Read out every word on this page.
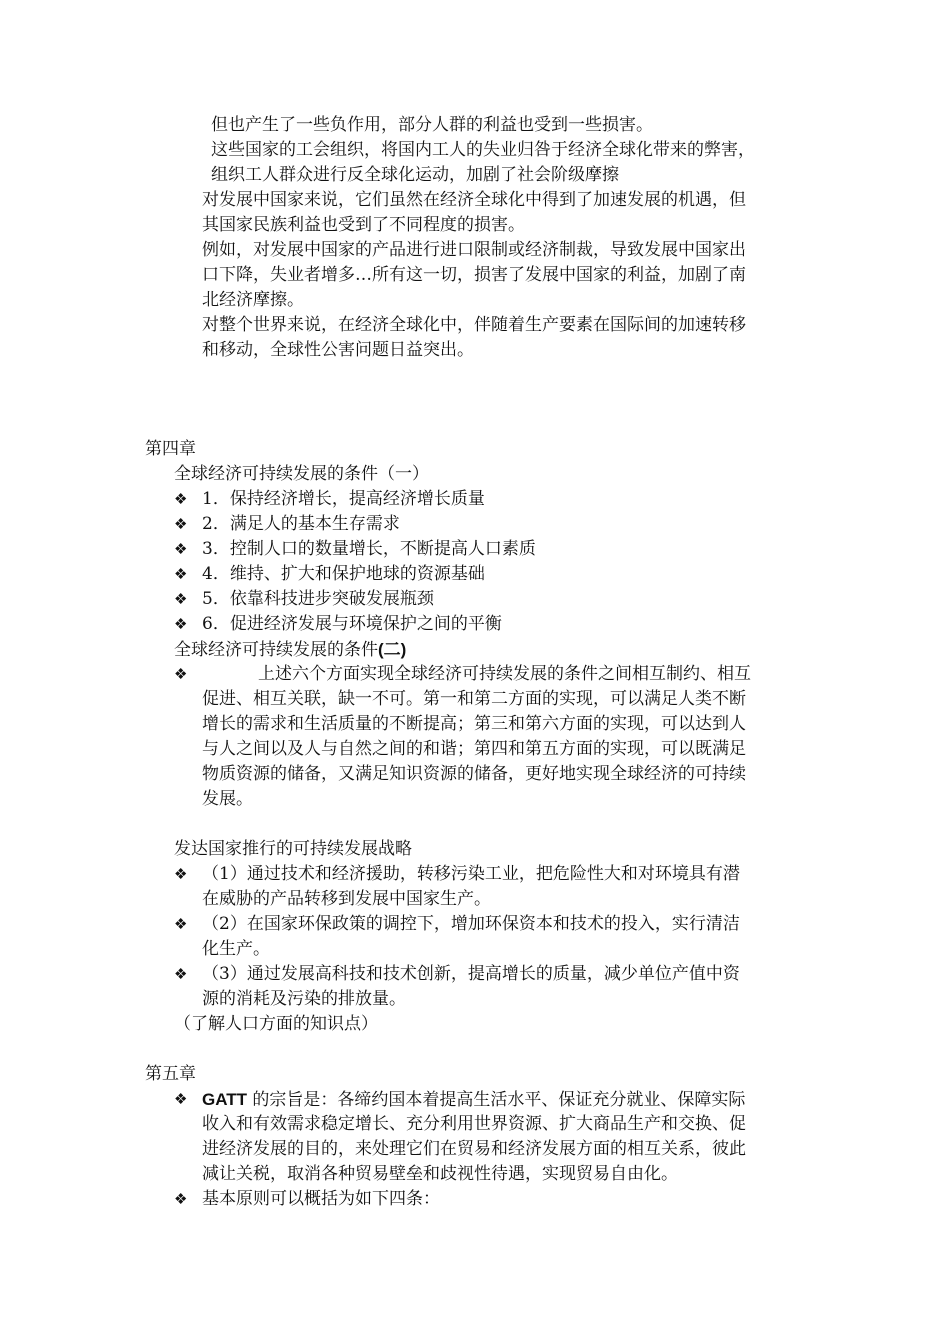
但也产生了一些负作用，部分人群的利益也受到一些损害。
这些国家的工会组织，将国内工人的失业归咎于经济全球化带来的弊害，
组织工人群众进行反全球化运动，加剧了社会阶级摩擦
对发展中国家来说，它们虽然在经济全球化中得到了加速发展的机遇，但
其国家民族利益也受到了不同程度的损害。
例如，对发展中国家的产品进行进口限制或经济制裁，导致发展中国家出
口下降，失业者增多…所有这一切，损害了发展中国家的利益，加剧了南
北经济摩擦。
对整个世界来说，在经济全球化中，伴随着生产要素在国际间的加速转移
和移动，全球性公害问题日益突出。
第四章
全球经济可持续发展的条件（一）
❖
1．保持经济增长，提高经济增长质量
❖
2．满足人的基本生存需求
❖
3．控制人口的数量增长，不断提高人口素质
❖
4．维持、扩大和保护地球的资源基础
❖
5．依靠科技进步突破发展瓶颈
❖
6．促进经济发展与环境保护之间的平衡
全球经济可持续发展的条件(二)
❖
上述六个方面实现全球经济可持续发展的条件之间相互制约、相互
促进、相互关联，缺一不可。第一和第二方面的实现，可以满足人类不断
增长的需求和生活质量的不断提高；第三和第六方面的实现，可以达到人
与人之间以及人与自然之间的和谐；第四和第五方面的实现，可以既满足
物质资源的储备，又满足知识资源的储备，更好地实现全球经济的可持续
发展。
发达国家推行的可持续发展战略
❖
（1）通过技术和经济援助，转移污染工业，把危险性大和对环境具有潜
在威胁的产品转移到发展中国家生产。
❖
（2）在国家环保政策的调控下，增加环保资本和技术的投入，实行清洁
化生产。
❖
（3）通过发展高科技和技术创新，提高增长的质量，减少单位产值中资
源的消耗及污染的排放量。
（了解人口方面的知识点）
第五章
❖
GATT 的宗旨是：各缔约国本着提高生活水平、保证充分就业、保障实际
收入和有效需求稳定增长、充分利用世界资源、扩大商品生产和交换、促
进经济发展的目的，来处理它们在贸易和经济发展方面的相互关系，彼此
减让关税，取消各种贸易壁垒和歧视性待遇，实现贸易自由化。
❖
基本原则可以概括为如下四条：
